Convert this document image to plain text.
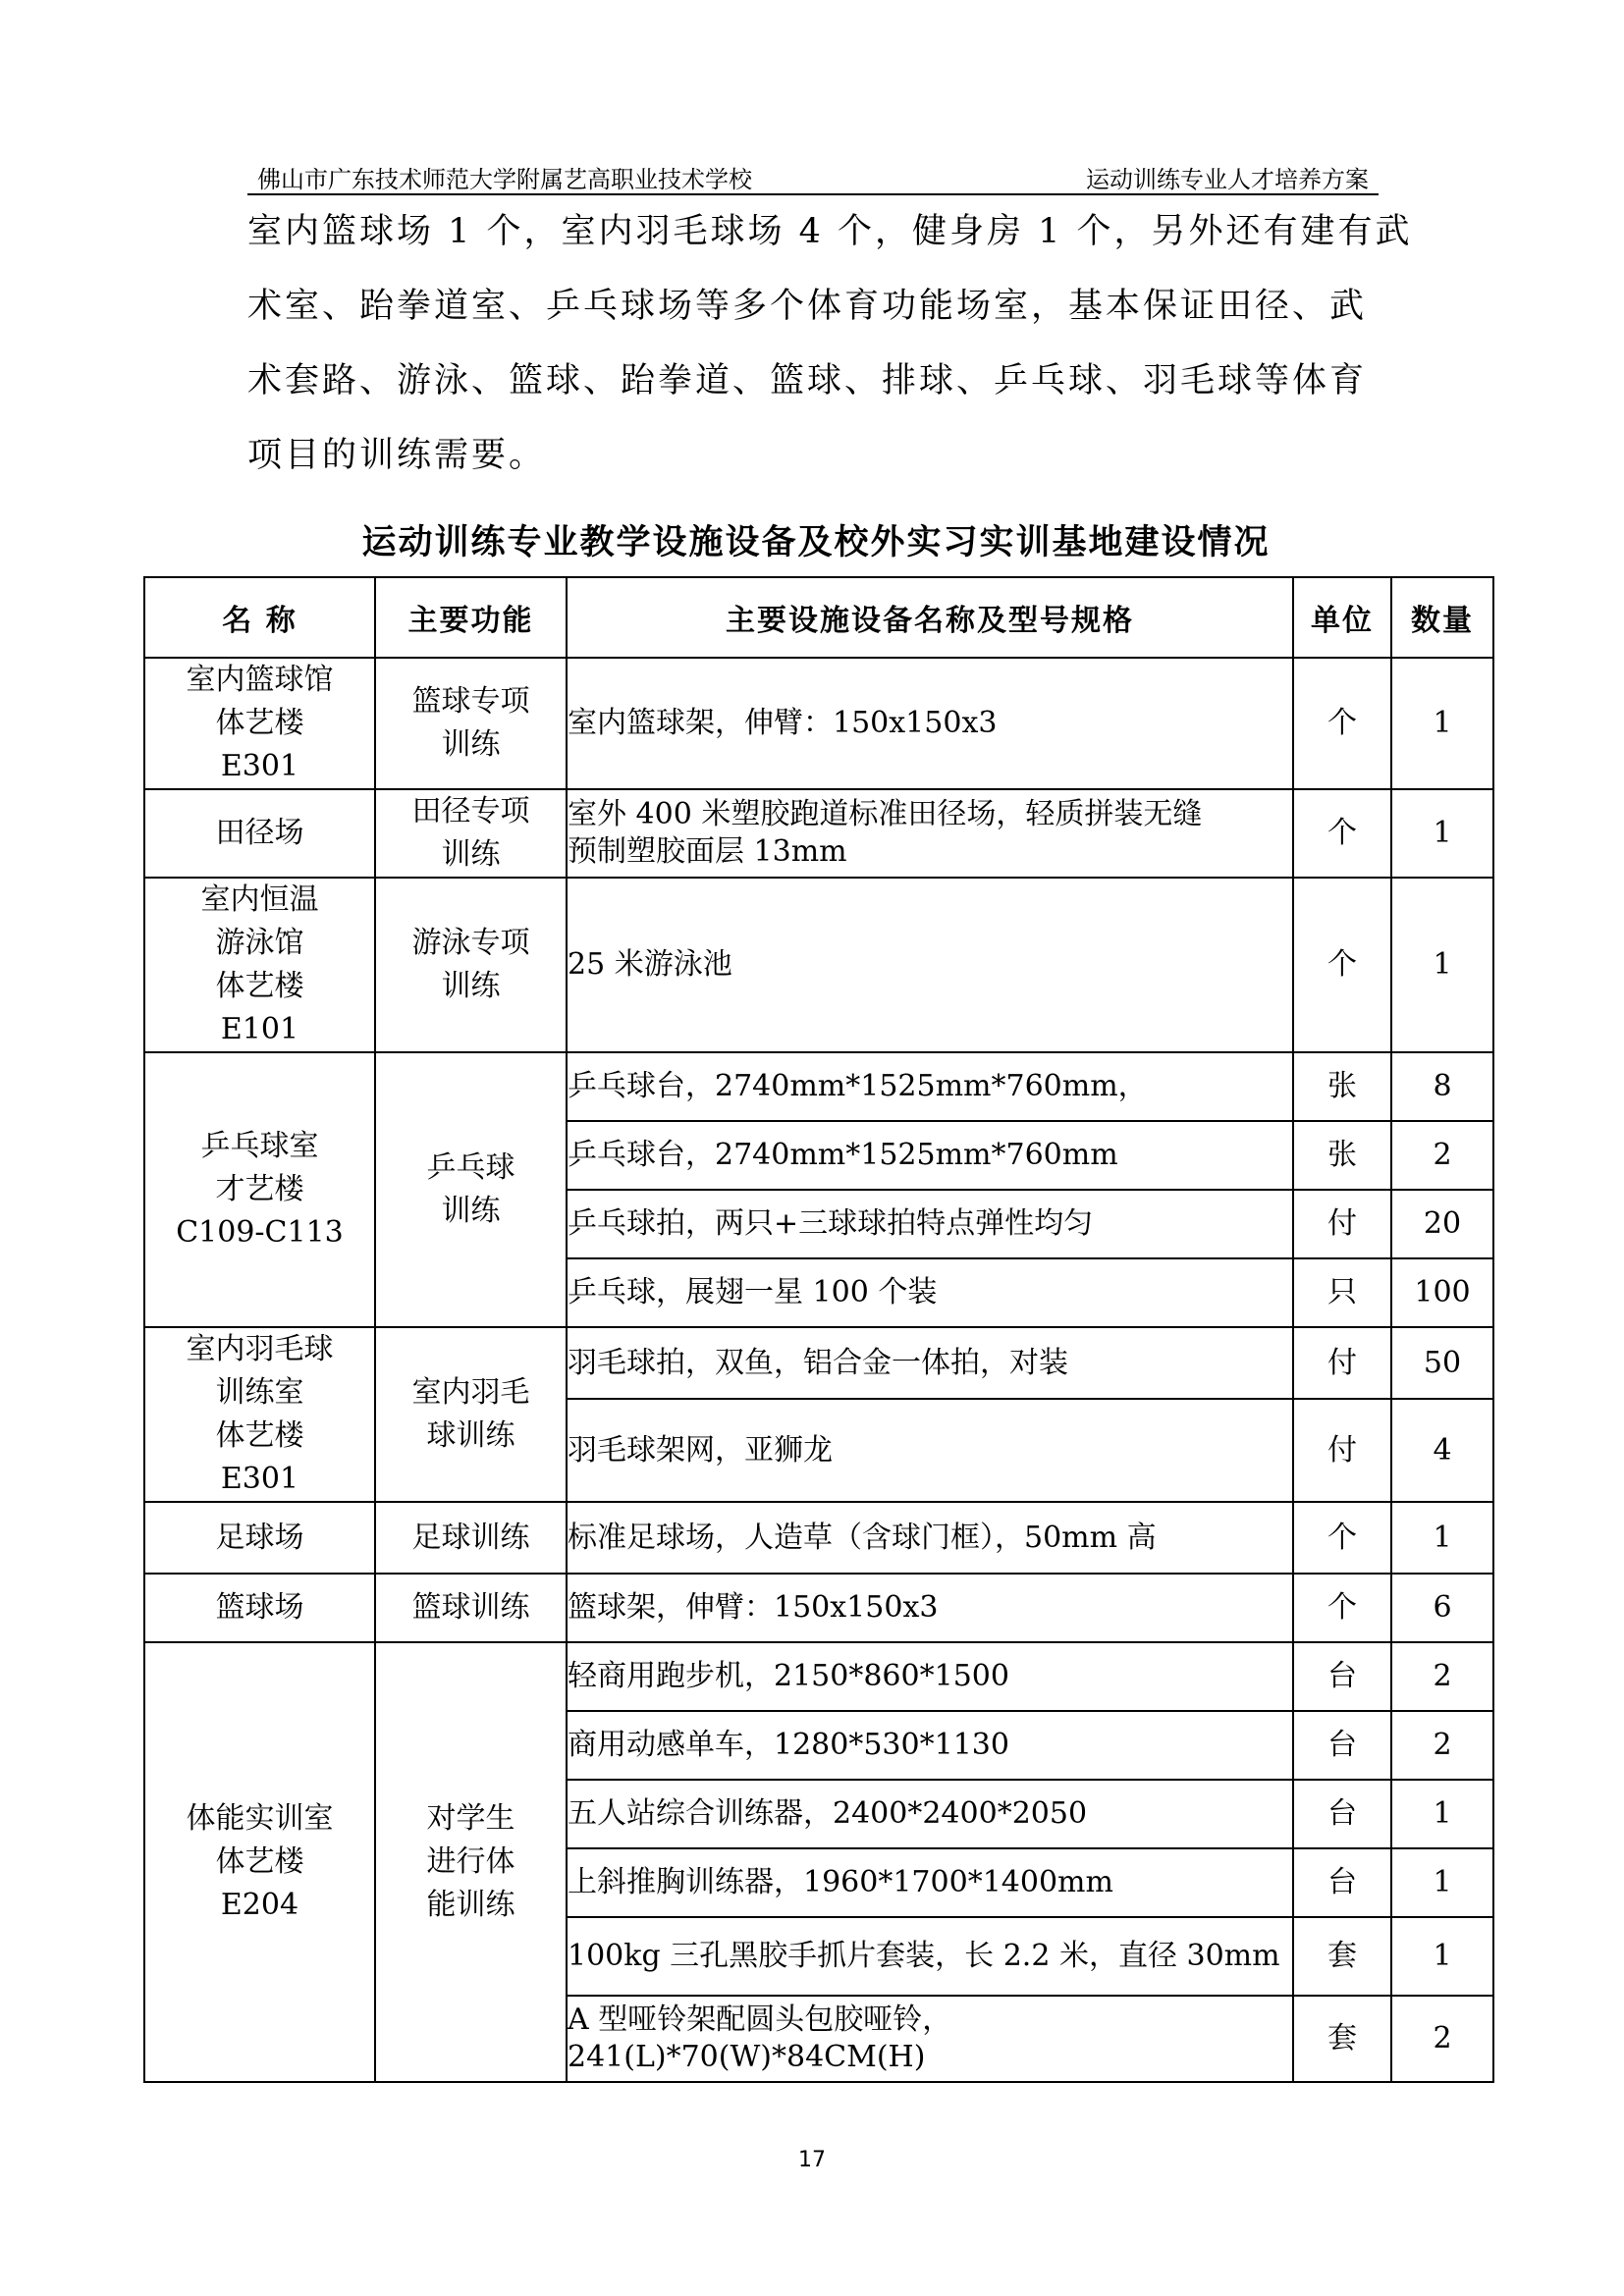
佛山市广东技术师范大学附属艺高职业技术学校	运动训练专业人才培养方案
室内篮球场 1 个，室内羽毛球场 4 个，健身房 1 个，另外还有建有武
术室、跆拳道室、乒乓球场等多个体育功能场室，基本保证田径、武
术套路、游泳、篮球、跆拳道、篮球、排球、乒乓球、羽毛球等体育
项目的训练需要。
运动训练专业教学设施设备及校外实习实训基地建设情况
名 称	主要功能	主要设施设备名称及型号规格	单位	数量

室内篮球馆
体艺楼
E301	篮球专项
训练	室内篮球架，伸臂：150x150x3	个	1

田径场	田径专项
训练	室外 400 米塑胶跑道标准田径场，轻质拼装无缝
预制塑胶面层 13mm	个	1

室内恒温
游泳馆
体艺楼
E101	游泳专项
训练	25 米游泳池	个	1

乒乓球室
才艺楼
C109-C113	乒乓球
训练	乒乓球台，2740mm*1525mm*760mm，	张	8

		乒乓球台，2740mm*1525mm*760mm	张	2

		乒乓球拍，两只+三球球拍特点弹性均匀	付	20

		乒乓球，展翅一星 100 个装	只	100

室内羽毛球
训练室
体艺楼
E301	室内羽毛
球训练	羽毛球拍，双鱼，铝合金一体拍，对装	付	50

		羽毛球架网，亚狮龙	付	4

足球场	足球训练	标准足球场，人造草（含球门框），50mm 高	个	1

篮球场	篮球训练	篮球架，伸臂：150x150x3	个	6

体能实训室
体艺楼
E204	对学生
进行体
能训练	轻商用跑步机，2150*860*1500	台	2

		商用动感单车，1280*530*1130	台	2

		五人站综合训练器，2400*2400*2050	台	1

		上斜推胸训练器，1960*1700*1400mm	台	1

		100kg 三孔黑胶手抓片套装，长 2.2 米，直径 30mm	套	1

		A 型哑铃架配圆头包胶哑铃，
241(L)*70(W)*84CM(H)	套	2
17
